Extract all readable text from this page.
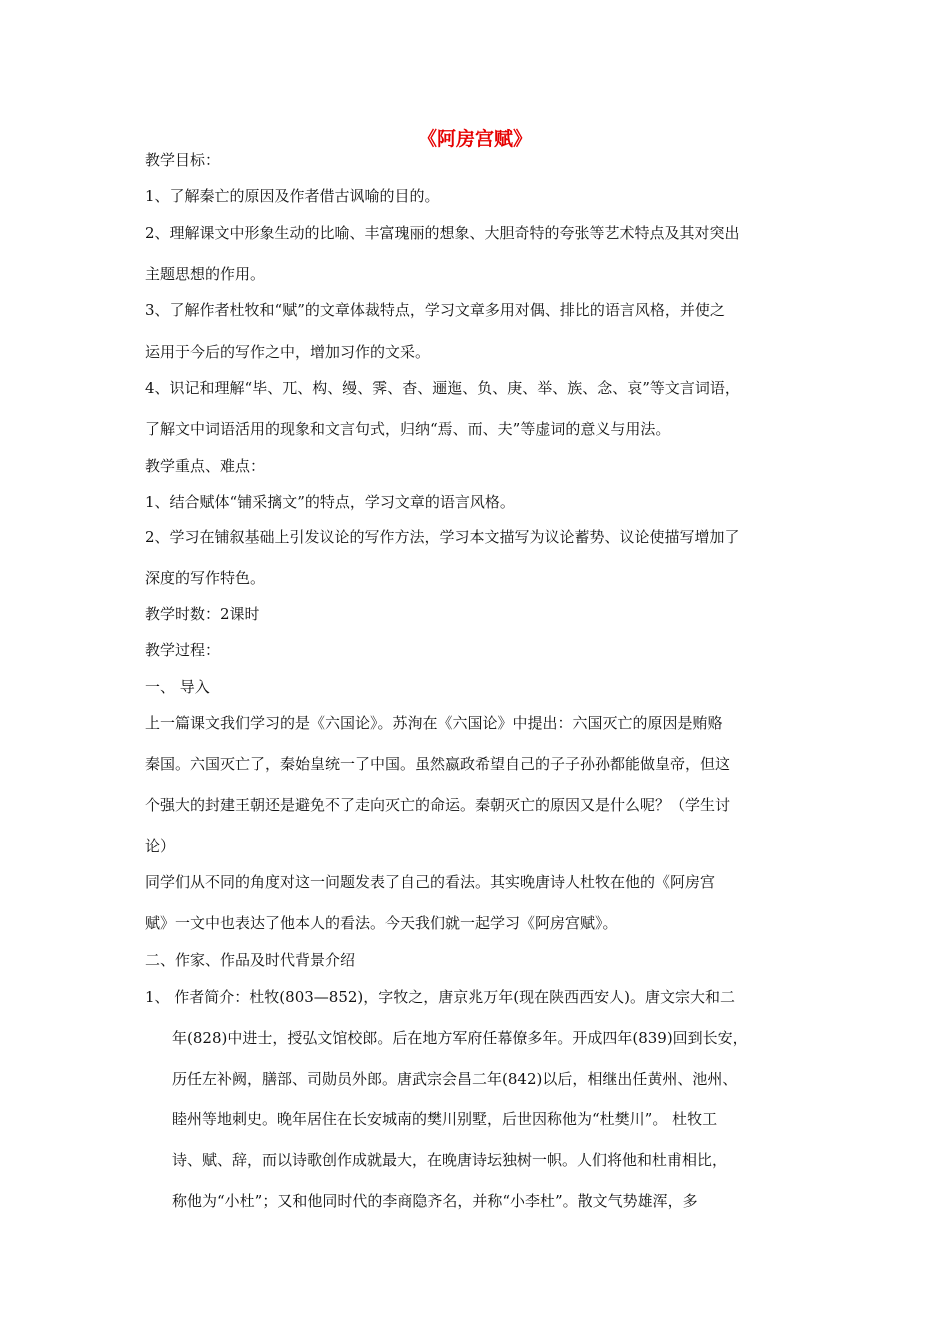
《阿房宫赋》
教学目标：
1、了解秦亡的原因及作者借古讽喻的目的。
2、理解课文中形象生动的比喻、丰富瑰丽的想象、大胆奇特的夸张等艺术特点及其对突出
主题思想的作用。
3、了解作者杜牧和“赋”的文章体裁特点，学习文章多用对偶、排比的语言风格，并使之
运用于今后的写作之中，增加习作的文采。
4、识记和理解“毕、兀、构、缦、霁、杳、逦迤、负、庚、举、族、念、哀”等文言词语，
了解文中词语活用的现象和文言句式，归纳“焉、而、夫”等虚词的意义与用法。
教学重点、难点：
1、结合赋体“铺采摛文”的特点，学习文章的语言风格。
2、学习在铺叙基础上引发议论的写作方法，学习本文描写为议论蓄势、议论使描写增加了
深度的写作特色。
教学时数：2课时
教学过程：
一、 导入
上一篇课文我们学习的是《六国论》。苏洵在《六国论》中提出：六国灭亡的原因是贿赂
秦国。六国灭亡了，秦始皇统一了中国。虽然嬴政希望自己的子子孙孙都能做皇帝，但这
个强大的封建王朝还是避免不了走向灭亡的命运。秦朝灭亡的原因又是什么呢？（学生讨
论）
同学们从不同的角度对这一问题发表了自己的看法。其实晚唐诗人杜牧在他的《阿房宫
赋》一文中也表达了他本人的看法。今天我们就一起学习《阿房宫赋》。
二、作家、作品及时代背景介绍
1、 作者简介：杜牧(803—852)，字牧之，唐京兆万年(现在陕西西安人)。唐文宗大和二
年(828)中进士，授弘文馆校郎。后在地方军府任幕僚多年。开成四年(839)回到长安，
历任左补阙，膳部、司勋员外郎。唐武宗会昌二年(842)以后，相继出任黄州、池州、
睦州等地刺史。晚年居住在长安城南的樊川别墅，后世因称他为“杜樊川”。 杜牧工
诗、赋、辞，而以诗歌创作成就最大，在晚唐诗坛独树一帜。人们将他和杜甫相比，
称他为“小杜”；又和他同时代的李商隐齐名，并称“小李杜”。散文气势雄浑，多
